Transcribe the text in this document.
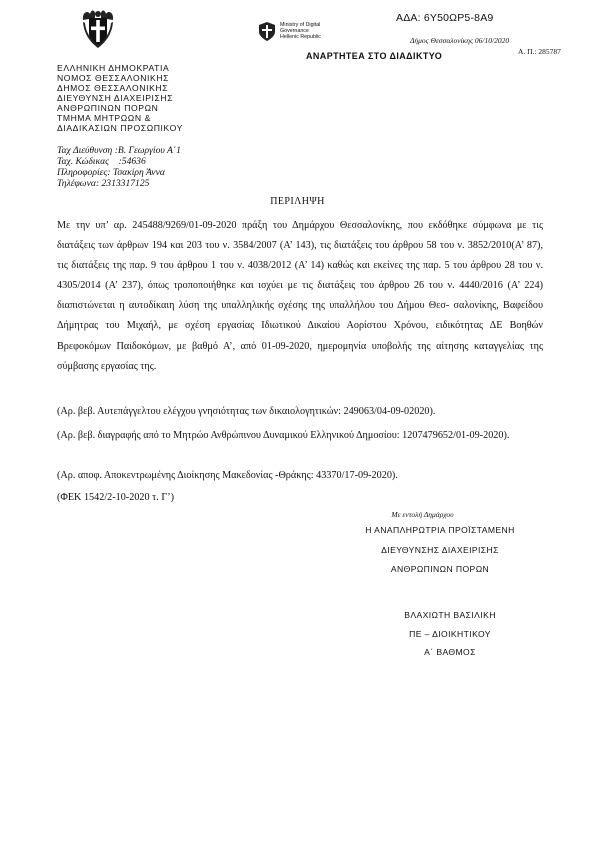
ΑΔΑ: 6Υ50ΩΡ5-8Α9
Ministry of Digital
Governance
Hellenic Republic	Δήμος Θεσσαλονίκης 06/10/2020
ΑΝΑΡΤΗΤΕΑ ΣΤΟ ΔΙΑΔΙΚΤΥΟ	Α. Π.: 285787
ΕΛΛΗΝΙΚΗ ΔΗΜΟΚΡΑΤΙΑ
ΝΟΜΟΣ ΘΕΣΣΑΛΟΝΙΚΗΣ
ΔΗΜΟΣ ΘΕΣΣΑΛΟΝΙΚΗΣ
ΔΙΕΥΘΥΝΣΗ ΔΙΑΧΕΙΡΙΣΗΣ
ΑΝΘΡΩΠΙΝΩΝ ΠΟΡΩΝ
ΤΜΗΜΑ ΜΗΤΡΩΩΝ &
ΔΙΑΔΙΚΑΣΙΩΝ ΠΡΟΣΩΠΙΚΟΥ
Ταχ Διεύθυνση :Β. Γεωργίου Α΄1
Ταχ. Κώδικας    :54636
Πληροφορίες: Τσακίρη Άννα
Τηλέφωνα: 2313317125
ΠΕΡΙΛΗΨΗ
Με την υπ’ αρ. 245488/9269/01-09-2020 πράξη του Δημάρχου Θεσσαλονίκης, που εκδόθηκε σύμφωνα με τις διατάξεις των άρθρων 194 και 203 του ν. 3584/2007 (Α’ 143), τις διατάξεις του άρθρου 58 του ν. 3852/2010(Α’ 87), τις διατάξεις της παρ. 9 του άρθρου 1 του ν. 4038/2012 (Α’ 14) καθώς και εκείνες της παρ. 5 του άρθρου 28 του ν. 4305/2014 (Α’ 237), όπως τροποποιήθηκε και ισχύει με τις διατάξεις του άρθρου 26 του ν. 4440/2016 (Α’ 224) διαπιστώνεται η αυτοδίκαιη λύση της υπαλληλικής σχέσης της υπαλλήλου του Δήμου Θεσ- σαλονίκης, Βαφείδου Δήμητρας του Μιχαήλ, με σχέση εργασίας Ιδιωτικού Δικαίου Αορίστου Χρόνου, ειδικότητας ΔΕ Βοηθών Βρεφοκόμων Παιδοκόμων, με βαθμό Α’, από 01-09-2020, ημερομηνία υποβολής της αίτησης καταγγελίας της σύμβασης εργασίας της.
(Αρ. βεβ. Αυτεπάγγελτου ελέγχου γνησιότητας των δικαιολογητικών: 249063/04-09-02020).
(Αρ. βεβ. διαγραφής από το Μητρώο Ανθρώπινου Δυναμικού Ελληνικού Δημοσίου: 1207479652/01-09-2020).
(Αρ. αποφ. Αποκεντρωμένης Διοίκησης Μακεδονίας -Θράκης: 43370/17-09-2020).
(ΦΕΚ 1542/2-10-2020 τ. Γ’)
Με εντολή Δημάρχου
Η ΑΝΑΠΛΗΡΩΤΡΙΑ ΠΡΟΪΣΤΑΜΕΝΗ
ΔΙΕΥΘΥΝΣΗΣ ΔΙΑΧΕΙΡΙΣΗΣ
ΑΝΘΡΩΠΙΝΩΝ ΠΟΡΩΝ
ΒΛΑΧΙΩΤΗ ΒΑΣΙΛΙΚΗ
ΠΕ – ΔΙΟΙΚΗΤΙΚΟΥ
Α΄ ΒΑΘΜΟΣ
